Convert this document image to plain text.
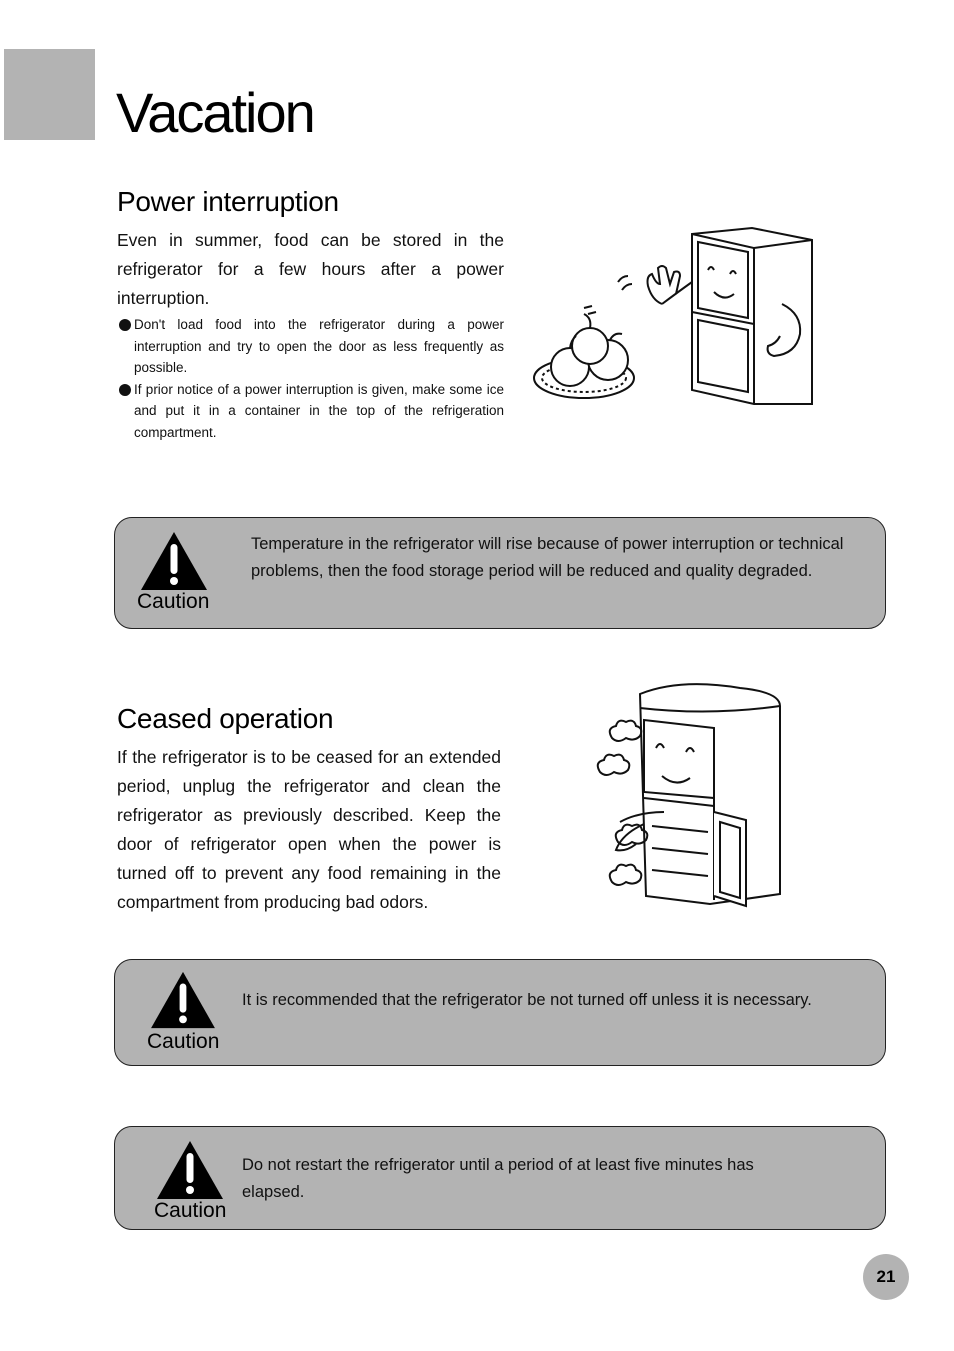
Vacation
Power interruption

Even in summer, food can be stored in the refrigerator for a few hours after a power interruption.

Don't load food into the refrigerator during a power interruption and try to open the door as less frequently as possible.
If prior notice of a power interruption is given, make some ice and put it in a container in the top of the refrigeration compartment.
Caution

Temperature in the refrigerator will rise because of power interruption or technical problems, then the food storage period will be reduced and quality degraded.

Ceased operation

If the refrigerator is to be ceased for an extended period, unplug the refrigerator and clean the refrigerator as previously described. Keep the door of refrigerator open when the power is turned off to prevent any food remaining in the compartment from producing bad odors.

Caution

It is recommended that the refrigerator be not turned off unless it is necessary.

Caution

Do not restart the refrigerator until a period of at least five minutes has elapsed.

21
